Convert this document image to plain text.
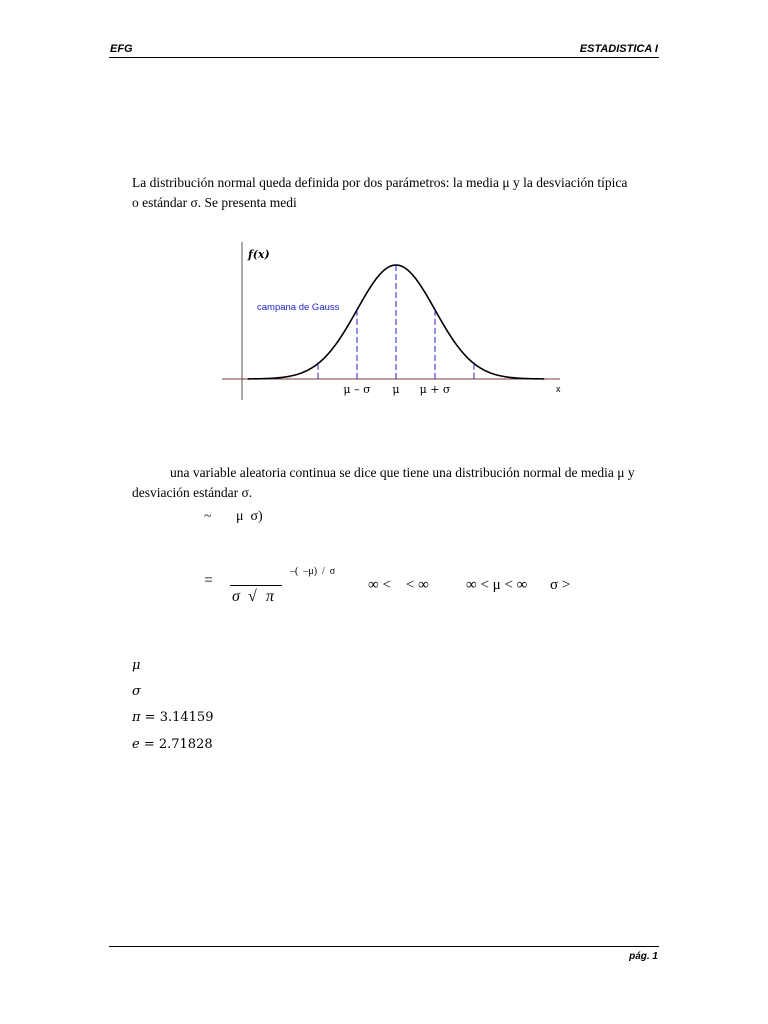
EFG	ESTADISTICA I
La distribución normal queda definida por dos parámetros: la media μ y la desviación típica
o estándar σ. Se presenta medi
μ – σ μ μ + σ
f(x)
x
campana de Gauss
una variable aleatoria continua se dice que tiene una distribución normal de media μ y
desviación estándar σ.
~ μ  σ)
=
σ √ π
–(  –μ)  /  σ
∞ <    < ∞ ∞ < μ < ∞ σ >
μ
σ
π = 3.14159
e = 2.71828
pág. 1
